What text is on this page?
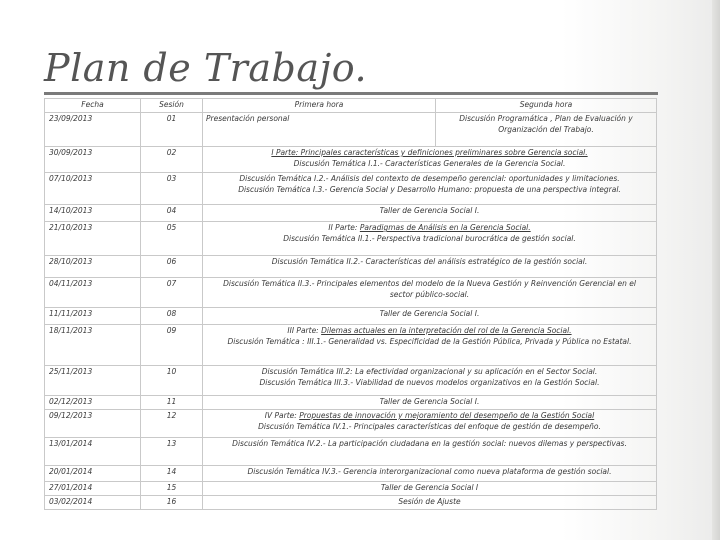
Plan de Trabajo.
Fecha	Sesión	Primera hora	Segunda hora
23/09/2013	01	Presentación personal	Discusión Programática , Plan de Evaluación y Organización del Trabajo.
30/09/2013	02	I Parte: Principales características y definiciones preliminares sobre Gerencia social.
Discusión Temática I.1.- Características Generales de la Gerencia Social.	

07/10/2013	03	Discusión Temática I.2.- Análisis del contexto de desempeño gerencial: oportunidades y limitaciones.
Discusión Temática I.3.- Gerencia Social y Desarrollo Humano: propuesta de una perspectiva integral.	

14/10/2013	04	Taller de Gerencia Social I.	
21/10/2013	05	II Parte: Paradigmas de Análisis en la Gerencia Social.
Discusión Temática II.1.- Perspectiva tradicional burocrática de gestión social.	

28/10/2013	06	Discusión Temática II.2.- Características del análisis estratégico de la gestión social.	
04/11/2013	07	Discusión Temática II.3.- Principales elementos del modelo de la Nueva Gestión y Reinvención Gerencial en el
sector público-social.	

11/11/2013	08	Taller de Gerencia Social I.	
18/11/2013	09	III Parte: Dilemas actuales en la interpretación del rol de la Gerencia Social.
Discusión Temática : III.1.- Generalidad vs. Especificidad de la Gestión Pública, Privada y Pública no Estatal.	

25/11/2013	10	Discusión Temática III.2: La efectividad organizacional y su aplicación en el Sector Social.
Discusión Temática III.3.- Viabilidad de nuevos modelos organizativos en la Gestión Social.	

02/12/2013	11	Taller de Gerencia Social I.	
09/12/2013	12	IV Parte: Propuestas de innovación y mejoramiento del desempeño de la Gestión Social
Discusión Temática IV.1.- Principales características del enfoque de gestión de desempeño.	

13/01/2014	13	Discusión Temática IV.2.- La participación ciudadana en la gestión social: nuevos dilemas y perspectivas.	
20/01/2014	14	Discusión Temática IV.3.- Gerencia interorganizacional como nueva plataforma de gestión social.	
27/01/2014	15	Taller de Gerencia Social I	
03/02/2014	16	Sesión de Ajuste	
